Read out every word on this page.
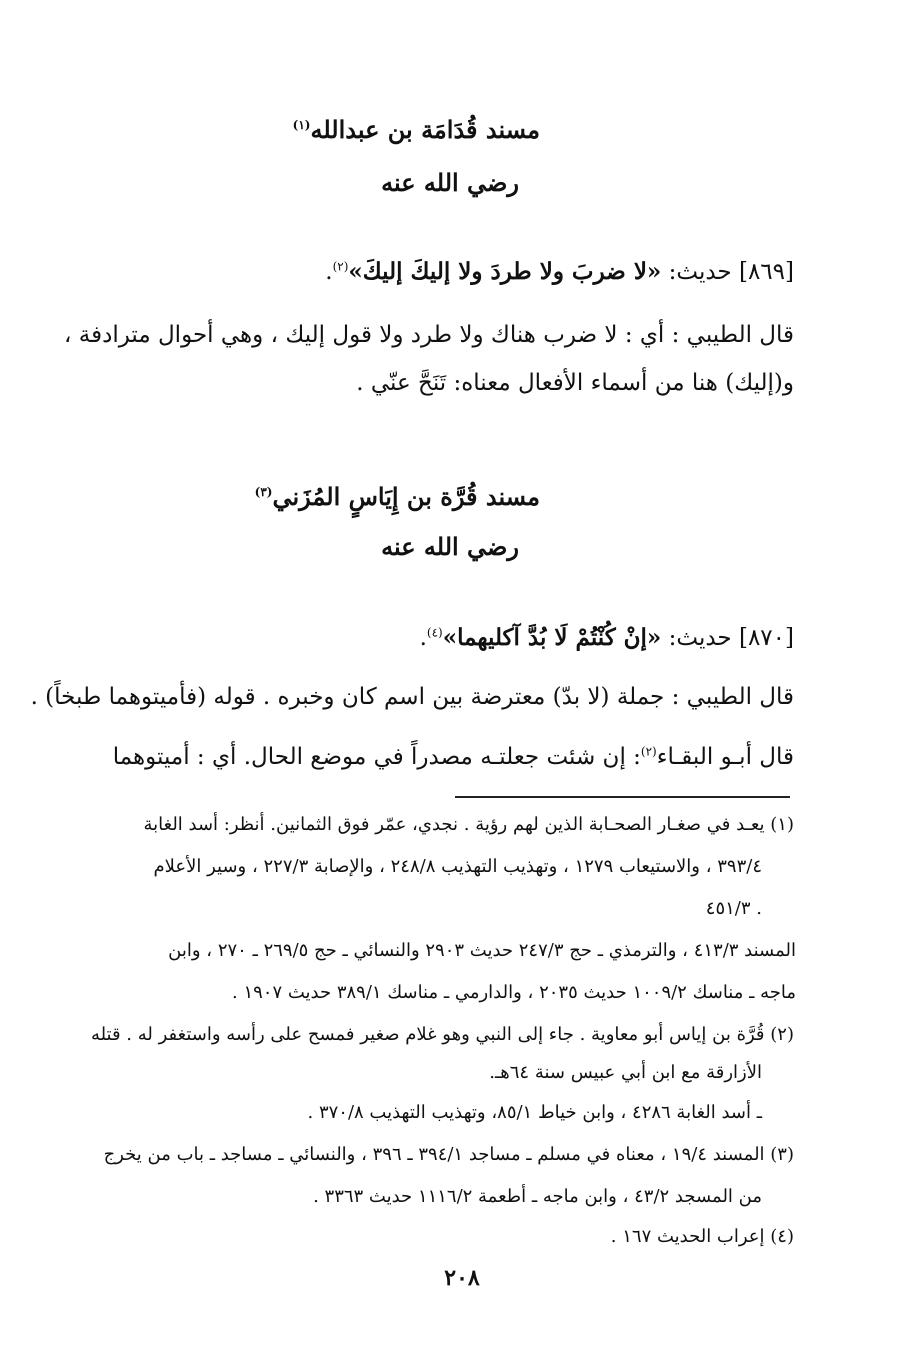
مسند قُدَامَة بن عبدالله$^{(١)}$
رضي الله عنه
[٨٦٩] حديث: «لا ضربَ ولا طردَ ولا إليكَ إليكَ»$^{(٢)}$.
قال الطيبي : أي : لا ضرب هناك ولا طرد ولا قول إليك ، وهي أحوال مترادفة ،
و(إليك) هنا من أسماء الأفعال معناه: تَنَحَّ عنّي .
مسند قُرَّة بن إِيَاسٍ المُزَني$^{(٣)}$
رضي الله عنه
[٨٧٠] حديث: «إنْ كُنْتُمْ لَا بُدَّ آكليهما»$^{(٤)}$.
قال الطيبي : جملة (لا بدّ) معترضة بين اسم كان وخبره . قوله (فأميتوهما طبخاً) .
قال أبـو البقـاء$^{(٢)}$: إن شئت جعلتـه مصدراً في موضع الحال. أي : أميتوهما
(١) يعـد في صغـار الصحـابة الذين لهم رؤية . نجدي، عمّر فوق الثمانين. أنظر: أسد الغابة
٣٩٣/٤ ، والاستيعاب ١٢٧٩ ، وتهذيب التهذيب ٢٤٨/٨ ، والإصابة ٢٢٧/٣ ، وسير الأعلام
٤٥١/٣ .
المسند ٤١٣/٣ ، والترمذي ـ حج ٢٤٧/٣ حديث ٢٩٠٣ والنسائي ـ حج ٢٦٩/٥ ـ ٢٧٠ ، وابن
ماجه ـ مناسك ١٠٠٩/٢ حديث ٢٠٣٥ ، والدارمي ـ مناسك ٣٨٩/١ حديث ١٩٠٧ .
(٢) قُرَّة بن إياس أبو معاوية . جاء إلى النبي وهو غلام صغير فمسح على رأسه واستغفر له . قتله
الأزارقة مع ابن أبي عبيس سنة ٦٤هـ.
ـ أسد الغابة ٤٢٨٦ ، وابن خياط ٨٥/١، وتهذيب التهذيب ٣٧٠/٨ .
(٣) المسند ١٩/٤ ، معناه في مسلم ـ مساجد ٣٩٤/١ ـ ٣٩٦ ، والنسائي ـ مساجد ـ باب من يخرج
من المسجد ٤٣/٢ ، وابن ماجه ـ أطعمة ١١١٦/٢ حديث ٣٣٦٣ .
(٤) إعراب الحديث ١٦٧ .
٢٠٨
